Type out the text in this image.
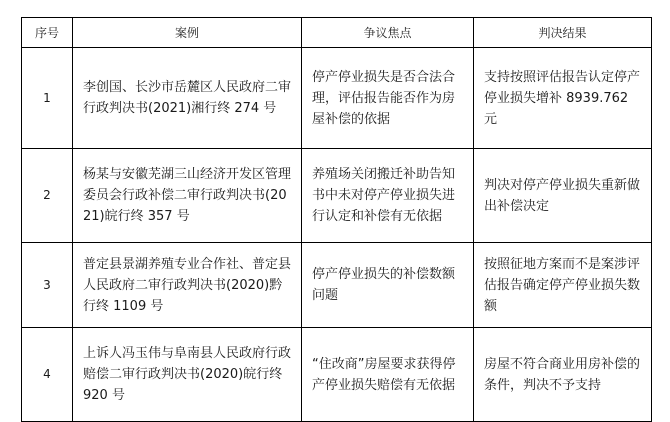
序号	案例	争议焦点	判决结果
1	李创国、长沙市岳麓区人民政府二审行政判决书(2021)湘行终 274 号	停产停业损失是否合法合理，评估报告能否作为房屋补偿的依据	支持按照评估报告认定停产停业损失增补 8939.762 元
2	杨某与安徽芜湖三山经济开发区管理委员会行政补偿二审行政判决书(2021)皖行终 357 号	养殖场关闭搬迁补助告知书中未对停产停业损失进行认定和补偿有无依据	判决对停产停业损失重新做出补偿决定
3	普定县景湖养殖专业合作社、普定县人民政府二审行政判决书(2020)黔行终 1109 号	停产停业损失的补偿数额问题	按照征地方案而不是案涉评估报告确定停产停业损失数额
4	上诉人冯玉伟与阜南县人民政府行政赔偿二审行政判决书(2020)皖行终 920 号	“住改商”房屋要求获得停产停业损失赔偿有无依据	房屋不符合商业用房补偿的条件，判决不予支持
